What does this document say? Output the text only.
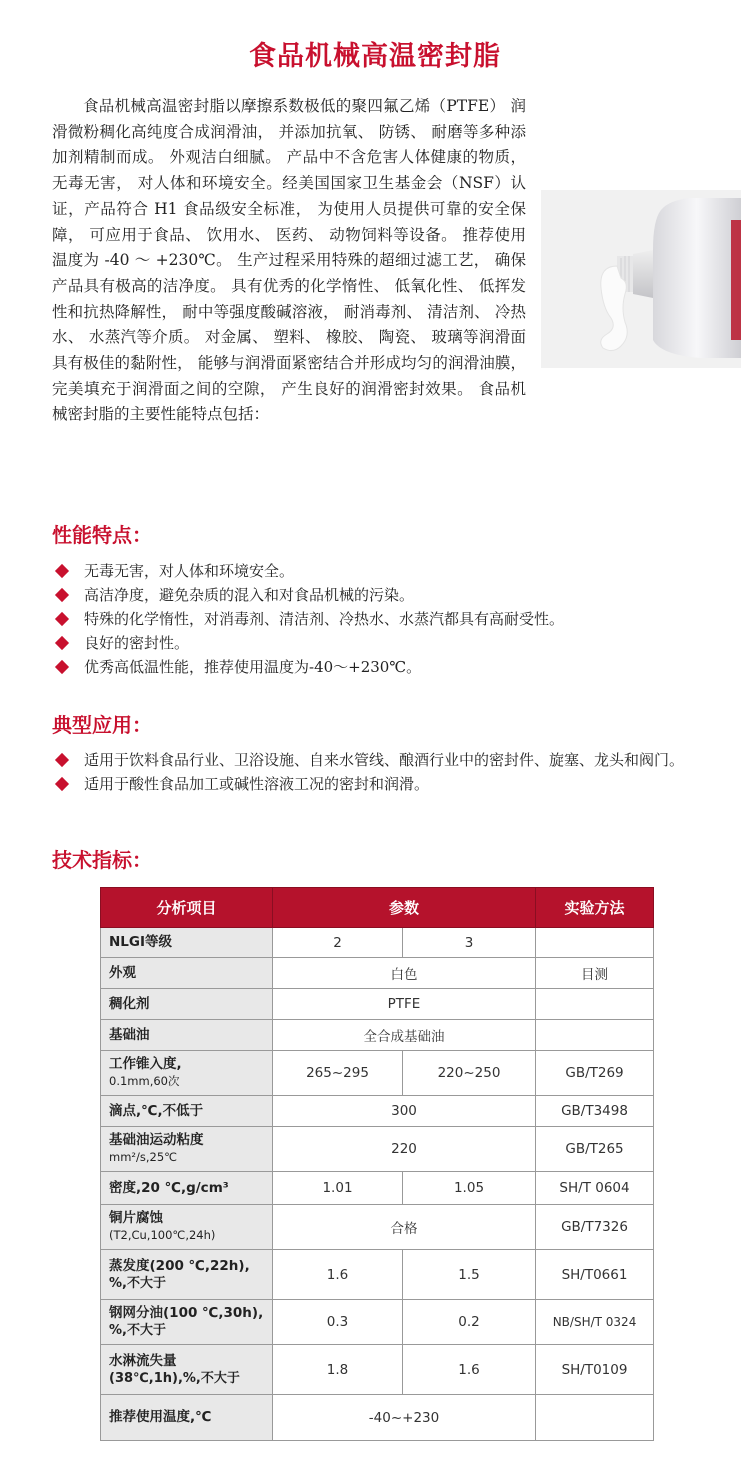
食品机械高温密封脂

食品机械高温密封脂以摩擦系数极低的聚四氟乙烯（PTFE） 润滑微粉稠化高纯度合成润滑油， 并添加抗氧、 防锈、 耐磨等多种添加剂精制而成。 外观洁白细腻。 产品中不含危害人体健康的物质， 无毒无害， 对人体和环境安全。经美国国家卫生基金会（NSF）认证，产品符合 H1 食品级安全标准， 为使用人员提供可靠的安全保障， 可应用于食品、 饮用水、 医药、 动物饲料等设备。 推荐使用温度为 -40 ～ +230℃。 生产过程采用特殊的超细过滤工艺， 确保产品具有极高的洁净度。 具有优秀的化学惰性、 低氧化性、 低挥发性和抗热降解性， 耐中等强度酸碱溶液， 耐消毒剂、 清洁剂、 冷热水、 水蒸汽等介质。 对金属、 塑料、 橡胶、 陶瓷、 玻璃等润滑面具有极佳的黏附性， 能够与润滑面紧密结合并形成均匀的润滑油膜， 完美填充于润滑面之间的空隙， 产生良好的润滑密封效果。 食品机械密封脂的主要性能特点包括：

性能特点：
无毒无害，对人体和环境安全。
高洁净度，避免杂质的混入和对食品机械的污染。
特殊的化学惰性，对消毒剂、清洁剂、冷热水、水蒸汽都具有高耐受性。
良好的密封性。
优秀高低温性能，推荐使用温度为-40～+230℃。
典型应用：
适用于饮料食品行业、卫浴设施、自来水管线、酿酒行业中的密封件、旋塞、龙头和阀门。
适用于酸性食品加工或碱性溶液工况的密封和润滑。
技术指标：
分析项目	参数		实验方法
NLGI等级	2	3	
外观	白色		目测
稠化剂	PTFE		
基础油	全合成基础油		
工作锥入度,
0.1mm,60次	265~295	220~250	GB/T269
滴点,℃,不低于	300		GB/T3498
基础油运动粘度
mm²/s,25℃	220		GB/T265
密度,20 ℃,g/cm³	1.01	1.05	SH/T 0604
铜片腐蚀
(T2,Cu,100℃,24h)	合格		GB/T7326
蒸发度(200 ℃,22h),
%,不大于	1.6	1.5	SH/T0661
钢网分油(100 ℃,30h),
%,不大于	0.3	0.2	NB/SH/T 0324
水淋流失量
(38℃,1h),%,不大于	1.8	1.6	SH/T0109
推荐使用温度,℃	-40~+230		
